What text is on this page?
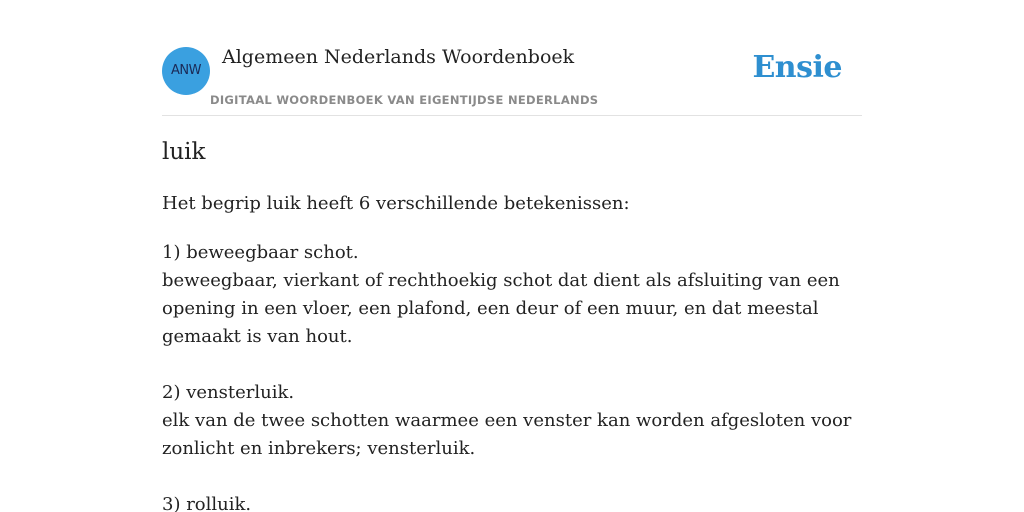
ANW
Algemeen Nederlands Woordenboek
DIGITAAL WOORDENBOEK VAN EIGENTIJDSE NEDERLANDS
Ensie
luik
Het begrip luik heeft 6 verschillende betekenissen:
1) beweegbaar schot.
beweegbaar, vierkant of rechthoekig schot dat dient als afsluiting van een opening in een vloer, een plafond, een deur of een muur, en dat meestal gemaakt is van hout.
2) vensterluik.
elk van de twee schotten waarmee een venster kan worden afgesloten voor zonlicht en inbrekers; vensterluik.
3) rolluik.
